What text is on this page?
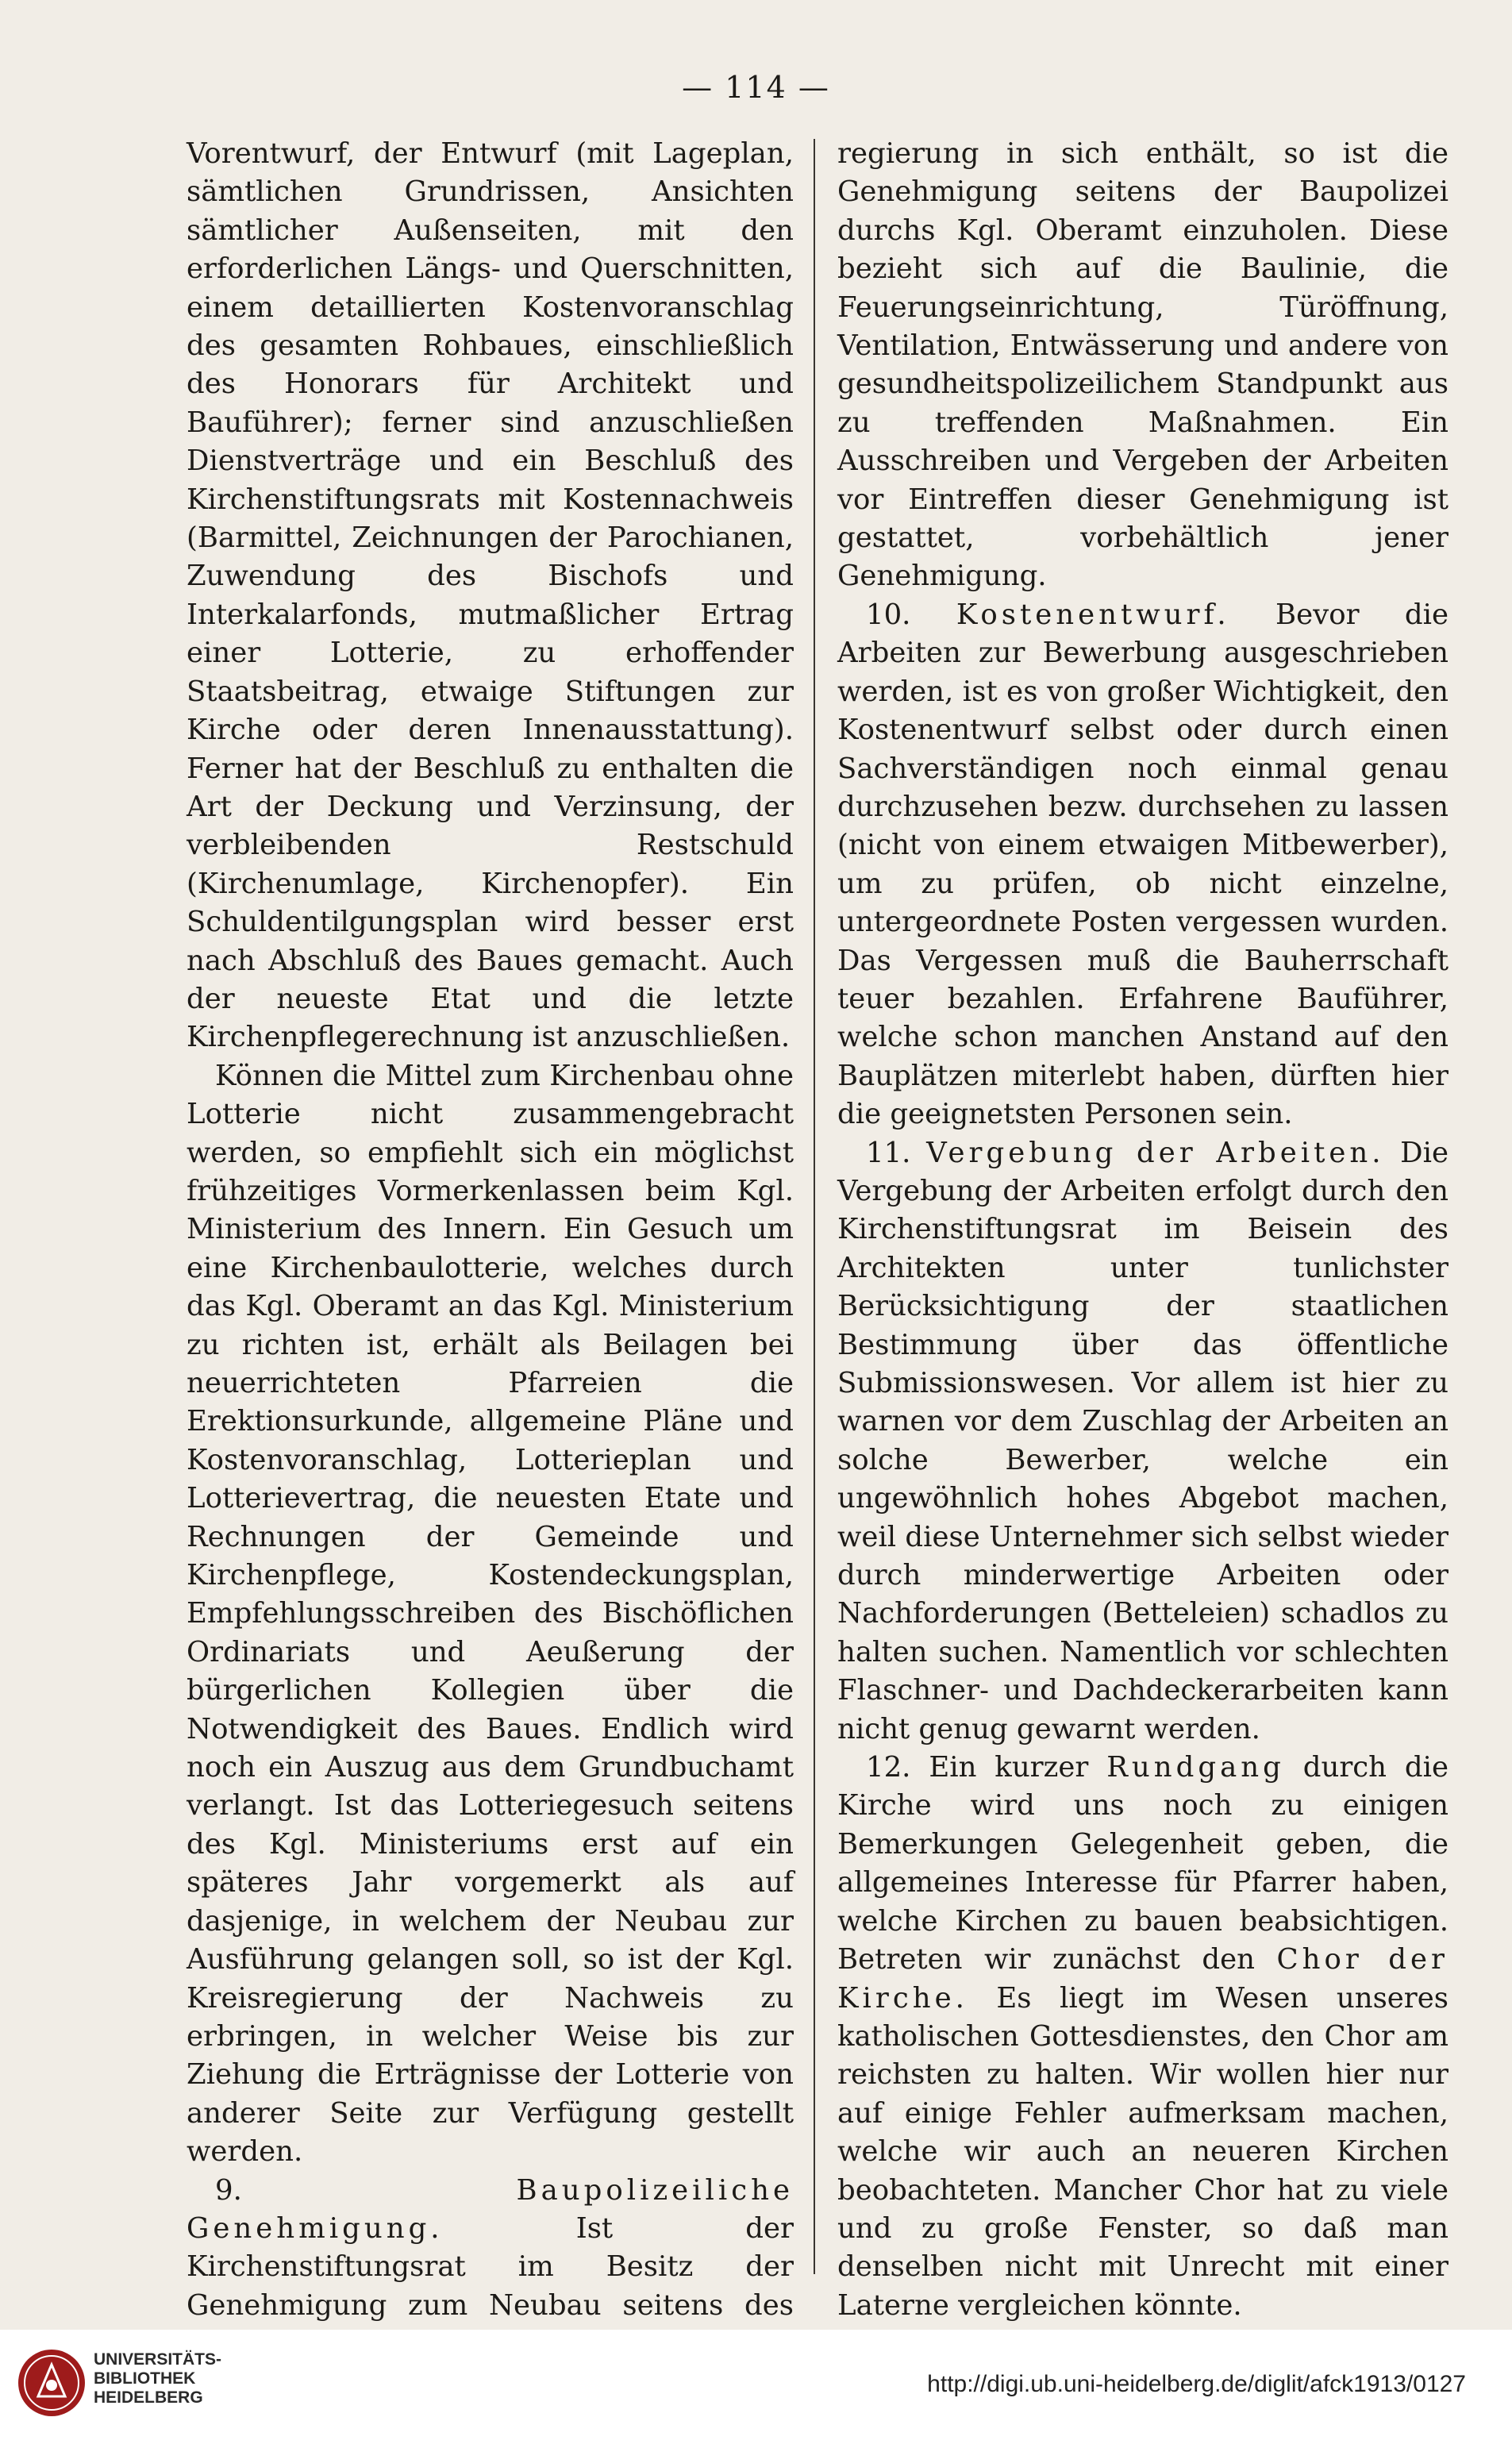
— 114 —

Vorentwurf, der Entwurf (mit Lageplan, sämtlichen Grundrissen, Ansichten sämtlicher Außenseiten, mit den erforderlichen Längs- und Querschnitten, einem detaillierten Kostenvoranschlag des gesamten Rohbaues, einschließlich des Honorars für Architekt und Bauführer); ferner sind anzuschließen Dienstverträge und ein Beschluß des Kirchenstiftungsrats mit Kostennachweis (Barmittel, Zeichnungen der Parochianen, Zuwendung des Bischofs und Interkalarfonds, mutmaßlicher Ertrag einer Lotterie, zu erhoffender Staatsbeitrag, etwaige Stiftungen zur Kirche oder deren Innenausstattung). Ferner hat der Beschluß zu enthalten die Art der Deckung und Verzinsung, der verbleibenden Restschuld (Kirchenumlage, Kirchenopfer). Ein Schuldentilgungsplan wird besser erst nach Abschluß des Baues gemacht. Auch der neueste Etat und die letzte Kirchenpflegerechnung ist anzuschließen.

Können die Mittel zum Kirchenbau ohne Lotterie nicht zusammengebracht werden, so empfiehlt sich ein möglichst frühzeitiges Vormerkenlassen beim Kgl. Ministerium des Innern. Ein Gesuch um eine Kirchenbaulotterie, welches durch das Kgl. Oberamt an das Kgl. Ministerium zu richten ist, erhält als Beilagen bei neuerrichteten Pfarreien die Erektionsurkunde, allgemeine Pläne und Kostenvoranschlag, Lotterieplan und Lotterievertrag, die neuesten Etate und Rechnungen der Gemeinde und Kirchenpflege, Kostendeckungsplan, Empfehlungsschreiben des Bischöflichen Ordinariats und Aeußerung der bürgerlichen Kollegien über die Notwendigkeit des Baues. Endlich wird noch ein Auszug aus dem Grundbuchamt verlangt. Ist das Lotteriegesuch seitens des Kgl. Ministeriums erst auf ein späteres Jahr vorgemerkt als auf dasjenige, in welchem der Neubau zur Ausführung gelangen soll, so ist der Kgl. Kreisregierung der Nachweis zu erbringen, in welcher Weise bis zur Ziehung die Erträgnisse der Lotterie von anderer Seite zur Verfügung gestellt werden.

9.	Baupolizeiliche Genehmigung.	Ist der Kirchenstiftungsrat im Besitz der Genehmigung zum Neubau seitens des

regierung in sich enthält, so ist die Genehmigung seitens der Baupolizei durchs Kgl. Oberamt einzuholen. Diese bezieht sich auf die Baulinie, die Feuerungseinrichtung, Türöffnung, Ventilation, Entwässerung und andere von gesundheitspolizeilichem Standpunkt aus zu treffenden Maßnahmen. Ein Ausschreiben und Vergeben der Arbeiten vor Eintreffen dieser Genehmigung ist gestattet, vorbehältlich jener Genehmigung.

10. Kostenentwurf. Bevor die Arbeiten zur Bewerbung ausgeschrieben werden, ist es von großer Wichtigkeit, den Kostenentwurf selbst oder durch einen Sachverständigen noch einmal genau durchzusehen bezw. durchsehen zu lassen (nicht von einem etwaigen Mitbewerber), um zu prüfen, ob nicht einzelne, untergeordnete Posten vergessen wurden. Das Vergessen muß die Bauherrschaft teuer bezahlen. Erfahrene Bauführer, welche schon manchen Anstand auf den Bauplätzen miterlebt haben, dürften hier die geeignetsten Personen sein.

11. Vergebung der Arbeiten. Die Vergebung der Arbeiten erfolgt durch den Kirchenstiftungsrat im Beisein des Architekten unter tunlichster Berücksichtigung der staatlichen Bestimmung über das öffentliche Submissionswesen. Vor allem ist hier zu warnen vor dem Zuschlag der Arbeiten an solche Bewerber, welche ein ungewöhnlich hohes Abgebot machen, weil diese Unternehmer sich selbst wieder durch minderwertige Arbeiten oder Nachforderungen (Betteleien) schadlos zu halten suchen. Namentlich vor schlechten Flaschner- und Dachdeckerarbeiten kann nicht genug gewarnt werden.

12. Ein kurzer Rundgang durch die Kirche wird uns noch zu einigen Bemerkungen Gelegenheit geben, die allgemeines Interesse für Pfarrer haben, welche Kirchen zu bauen beabsichtigen. Betreten wir zunächst den Chor der Kirche. Es liegt im Wesen unseres katholischen Gottesdienstes, den Chor am reichsten zu halten. Wir wollen hier nur auf einige Fehler aufmerksam machen, welche wir auch an neueren Kirchen beobachteten. Mancher Chor hat zu viele und zu große Fenster, so daß man denselben nicht mit Unrecht mit einer Laterne vergleichen könnte.

UNIVERSITÄTS-
BIBLIOTHEK
HEIDELBERG
http://digi.ub.uni-heidelberg.de/diglit/afck1913/0127
